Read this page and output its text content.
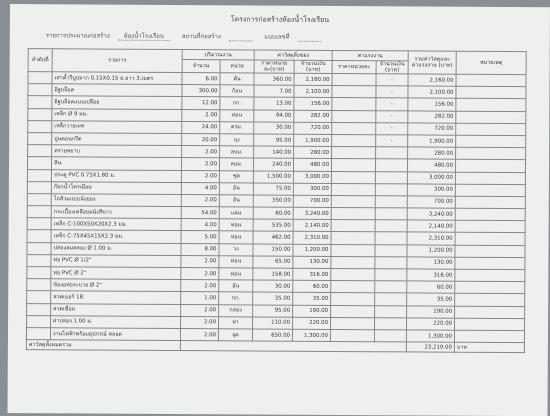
โครงการก่อสร้างห้องน้ำโรงเรียน
รายการประมาณก่อสร้าง ห้องน้ำโรงเรียน	สถานที่ก่อสร้าง	แบบเลขที่
ลำดับที่	รายการ	ปริมาณงาน		ค่าวัสดุสิ่งของ		ค่าแรงงาน		รวมค่าวัสดุและค่าแรงงาน (บาท)	หมายเหตุ
		จำนวน	หน่วย	ราคาหน่วยละ(บาท)	จำนวนเงิน (บาท)	ราคาหน่วยละ	จำนวนเงิน (บาท)		
	เสาค้ำรีบูปมาก 0.15X0.15 ม.ยาว 3.เมตร	6.00	ต้น	360.00	2,160.00		-	2,160.00	
	อิฐบล็อค	300.00	ก้อน	7.00	2,100.00		-	2,100.00	
	อิฐบล็อคแบบเปลือย	12.00	กก.	13.00	156.00		-	156.00	
	เหล็ก Ø 9 มม.	2.00	ท่อน	94.00	282.00		-	282.00	
	เหล็กวายเมท	24.00	ตรม.	30.00	720.00		-	720.00	
	ปูนคอนกรีต	20.00	ถุง	95.00	1,900.00		-	1,900.00	
	ทรายหยาบ	2.00	ลบม.	140.00	280.00			280.00	
	หิน	2.00	ลบม.	240.00	480.00			480.00	
	ประตู PVC 0.75X1.80 ม.	2.00	ชุด	1,500.00	3,000.00			3,000.00	
	ก๊อกน้ำโครเมียม	4.00	อัน	75.00	300.00			300.00	
	โถส้วมแบบนั่งยอง	2.00	อัน	350.00	700.00			700.00	
	กระเบื้องเคลือบผนังสีขาว	54.00	แผ่น	60.00	3,240.00			3,240.00	
	เหล็ก C-100X50X20X2.3 มม.	4.00	ท่อน	535.00	2,140.00			2,140.00	
	เหล็ก C-75X45X15X2.3 มม.	5.00	ท่อน	462.00	2,310.00			2,310.00	
	ปล่องลมคลอง Ø 1.00 ม.	8.00	วง	150.00	1,200.00			1,200.00	
	ท่อ PVC Ø 1/2"	2.00	ท่อน	65.00	130.00			130.00	
	ท่อ PVC Ø 2"	2.00	ท่อน	158.00	316.00			316.00	
	ข้องอท่อระบาย Ø 2"	2.00	อัน	30.00	60.00			60.00	
	ลวดเบอร์ 18	1.00	กก.	35.00	35.00			35.00	
	ลวดเชื่อม	2.00	กล่อง	95.00	190.00			190.00	
	ฝาปล่อง 1.00 ม.	2.00	ฝา	110.00	220.00			220.00	
	งานไฟฟ้าพร้อมอุปกรณ์ หลอด	2.00	จุด	650.00	1,300.00			1,300.00	
ค่าวัสดุทั้งหมดรวม								23,219.00	บาท
